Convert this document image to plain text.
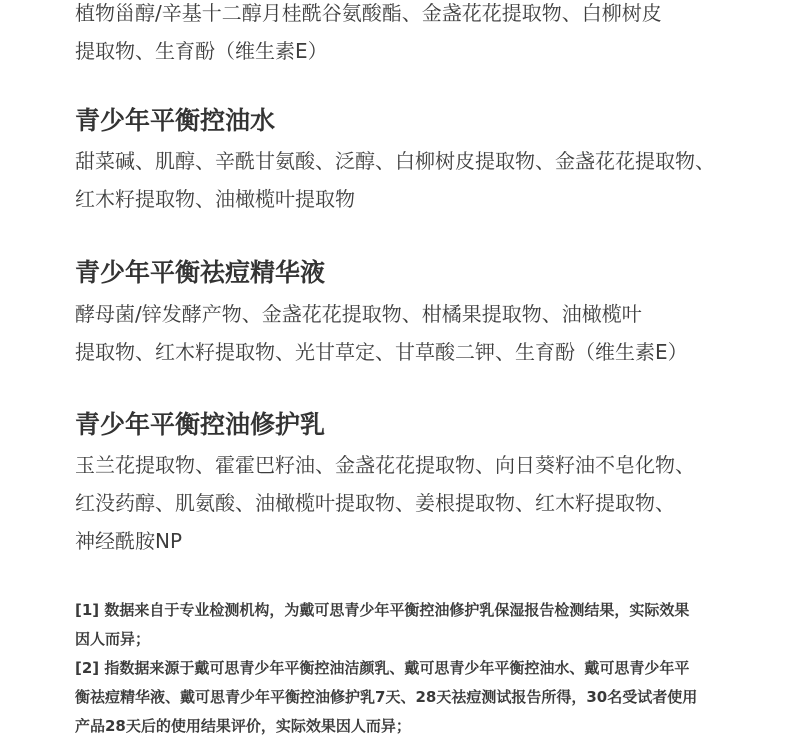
植物甾醇/辛基十二醇月桂酰谷氨酸酯、金盏花花提取物、白柳树皮
提取物、生育酚（维生素E）
青少年平衡控油水
甜菜碱、肌醇、辛酰甘氨酸、泛醇、白柳树皮提取物、金盏花花提取物、
红木籽提取物、油橄榄叶提取物
青少年平衡祛痘精华液
酵母菌/锌发酵产物、金盏花花提取物、柑橘果提取物、油橄榄叶
提取物、红木籽提取物、光甘草定、甘草酸二钾、生育酚（维生素E）
青少年平衡控油修护乳
玉兰花提取物、霍霍巴籽油、金盏花花提取物、向日葵籽油不皂化物、
红没药醇、肌氨酸、油橄榄叶提取物、姜根提取物、红木籽提取物、
神经酰胺NP
[1] 数据来自于专业检测机构，为戴可思青少年平衡控油修护乳保湿报告检测结果，实际效果
因人而异；
[2] 指数据来源于戴可思青少年平衡控油洁颜乳、戴可思青少年平衡控油水、戴可思青少年平
衡祛痘精华液、戴可思青少年平衡控油修护乳7天、28天祛痘测试报告所得，30名受试者使用
产品28天后的使用结果评价，实际效果因人而异；
